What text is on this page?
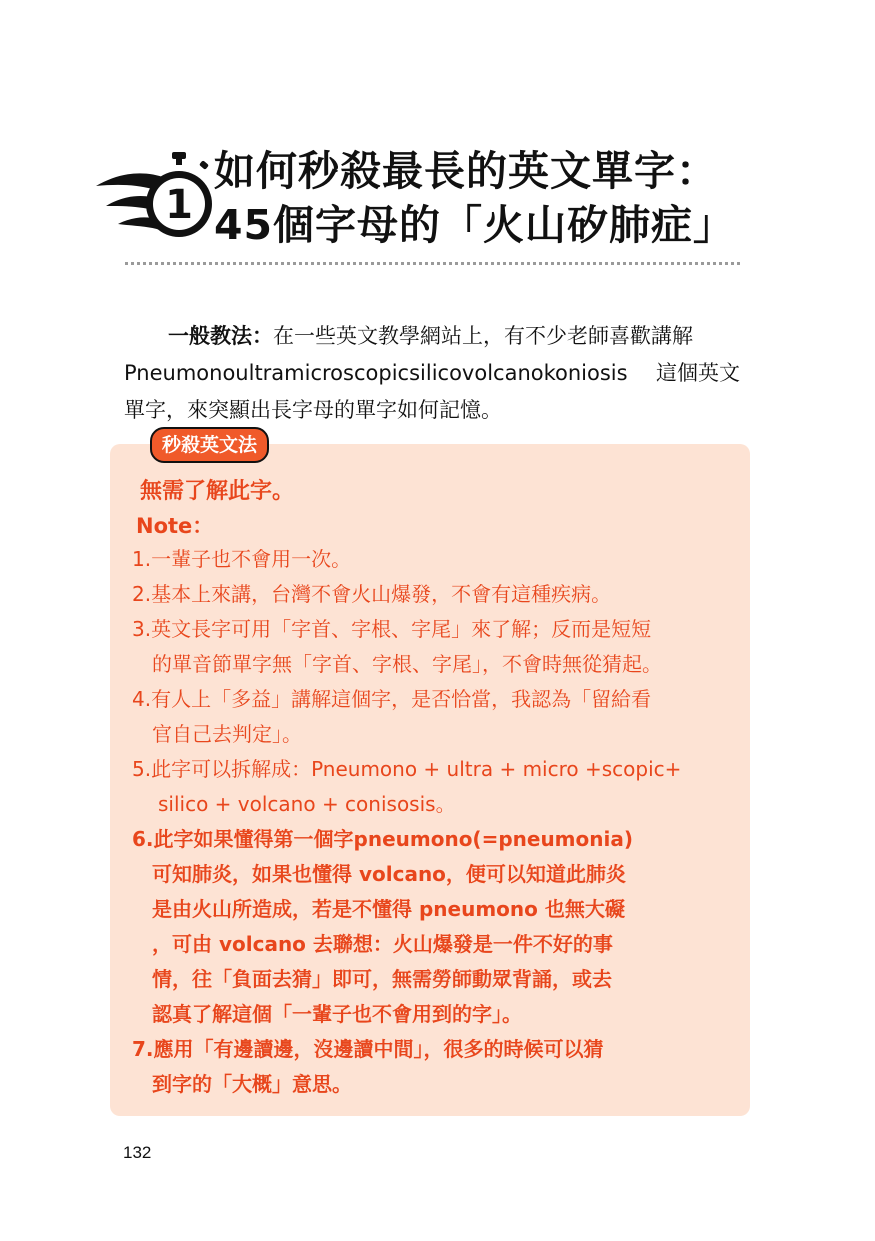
1
如何秒殺最長的英文單字：
45個字母的「火山矽肺症」
一般教法：在一些英文教學網站上，有不少老師喜歡講解
Pneumonoultramicroscopicsilicovolcanokoniosis 這個英文
單字，來突顯出長字母的單字如何記憶。
秒殺英文法
無需了解此字。
Note：
1.一輩子也不會用一次。
2.基本上來講，台灣不會火山爆發，不會有這種疾病。
3.英文長字可用「字首、字根、字尾」來了解；反而是短短
的單音節單字無「字首、字根、字尾」，不會時無從猜起。
4.有人上「多益」講解這個字，是否恰當，我認為「留給看
官自己去判定」。
5.此字可以拆解成：Pneumono + ultra + micro +scopic+
silico + volcano + conisosis。
6.此字如果懂得第一個字pneumono(=pneumonia)
可知肺炎，如果也懂得 volcano，便可以知道此肺炎
是由火山所造成，若是不懂得 pneumono 也無大礙
，可由 volcano 去聯想：火山爆發是一件不好的事
情，往「負面去猜」即可，無需勞師動眾背誦，或去
認真了解這個「一輩子也不會用到的字」。
7.應用「有邊讀邊，沒邊讀中間」，很多的時候可以猜
到字的「大概」意思。
132
